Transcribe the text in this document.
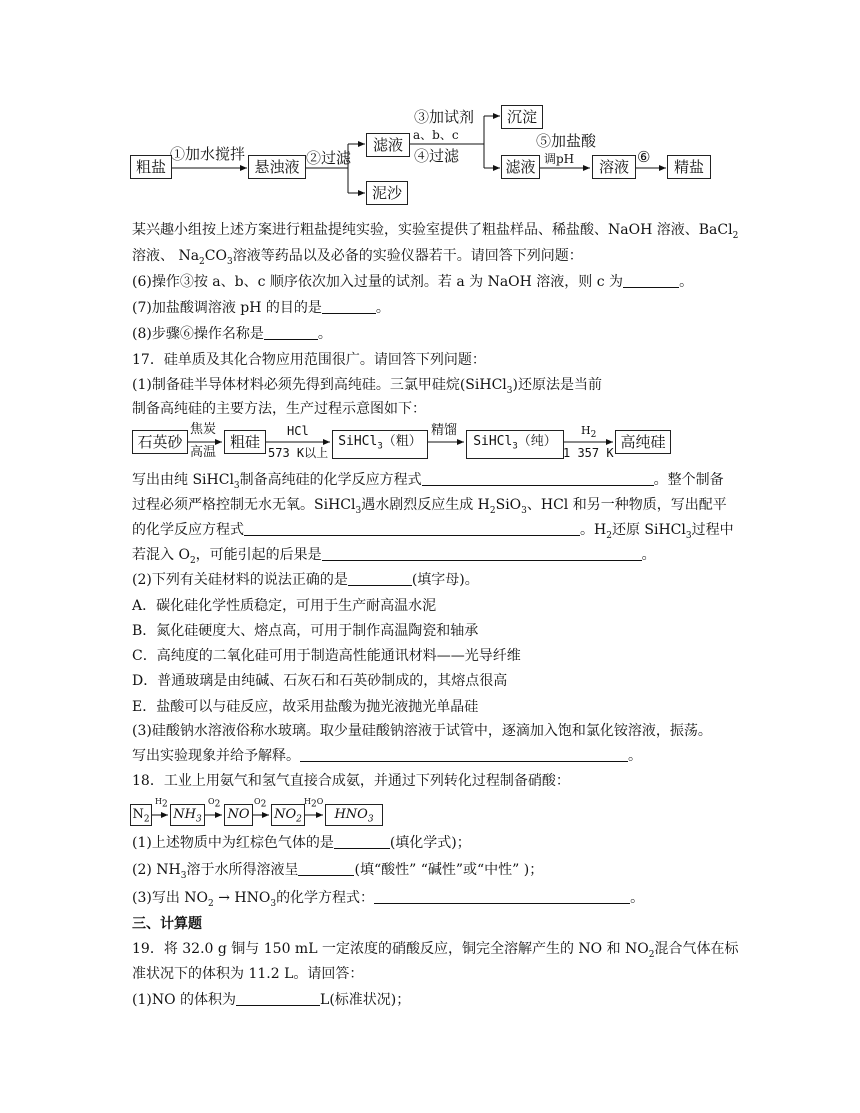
粗盐
①加水搅拌
悬浊液 ②过滤
滤液
泥沙
③加试剂
a、b、c
④过滤
沉淀
滤液
⑤加盐酸
调pH	溶液
⑥
精盐
某兴趣小组按上述方案进行粗盐提纯实验，实验室提供了粗盐样品、稀盐酸、NaOH 溶液、BaCl$_2$
溶液、 $Na_2CO_3$溶液等药品以及必备的实验仪器若干。请回答下列问题：
(6)操作③按 a、b、c 顺序依次加入过量的试剂。若 a 为 NaOH 溶液，则 c 为	。
(7)加盐酸调溶液 pH 的目的是	。
(8)步骤⑥操作名称是	。
17．硅单质及其化合物应用范围很广。请回答下列问题：
(1)制备硅半导体材料必须先得到高纯硅。三氯甲硅烷(SiHCl$_3$)还原法是当前
制备高纯硅的主要方法，生产过程示意图如下：
石英砂
焦炭
高温
粗硅
HCl
573 K以上
SiHCl$_3$（粗）
精馏
SiHCl$_3$（纯）
$H_2$
1 357 K
高纯硅
写出由纯 SiHCl$_3$制备高纯硅的化学反应方程式	。整个制备
过程必须严格控制无水无氧。SiHCl$_3$遇水剧烈反应生成 $H_2SiO_3$、HCl 和另一种物质，写出配平
的化学反应方程式	。$H_2$还原 SiHCl$_3$过程中
若混入 $O_2$，可能引起的后果是	。
(2)下列有关硅材料的说法正确的是	(填字母)。
A．碳化硅化学性质稳定，可用于生产耐高温水泥
B．氮化硅硬度大、熔点高，可用于制作高温陶瓷和轴承
C．高纯度的二氧化硅可用于制造高性能通讯材料——光导纤维
D．普通玻璃是由纯碱、石灰石和石英砂制成的，其熔点很高
E．盐酸可以与硅反应，故采用盐酸为抛光液抛光单晶硅
(3)硅酸钠水溶液俗称水玻璃。取少量硅酸钠溶液于试管中，逐滴加入饱和氯化铵溶液，振荡。
写出实验现象并给予解释。	。
18．工业上用氨气和氢气直接合成氨，并通过下列转化过程制备硝酸：
$N_2$
$H_2$
$NH_3$
$O_2$
NO
$O_2$
$NO_2$
$H_2O$
$HNO_3$
(1)上述物质中为红棕色气体的是	(填化学式)；
(2) $NH_3$溶于水所得溶液呈	(填“酸性” “碱性”或“中性” )；
(3)写出 $NO_2 \to HNO_3$的化学方程式：	。
三、计算题
19．将 32.0 g 铜与 150 mL 一定浓度的硝酸反应，铜完全溶解产生的 NO 和 $NO_2$混合气体在标
准状况下的体积为 11.2 L。请回答：
(1)NO 的体积为	L(标准状况)；
